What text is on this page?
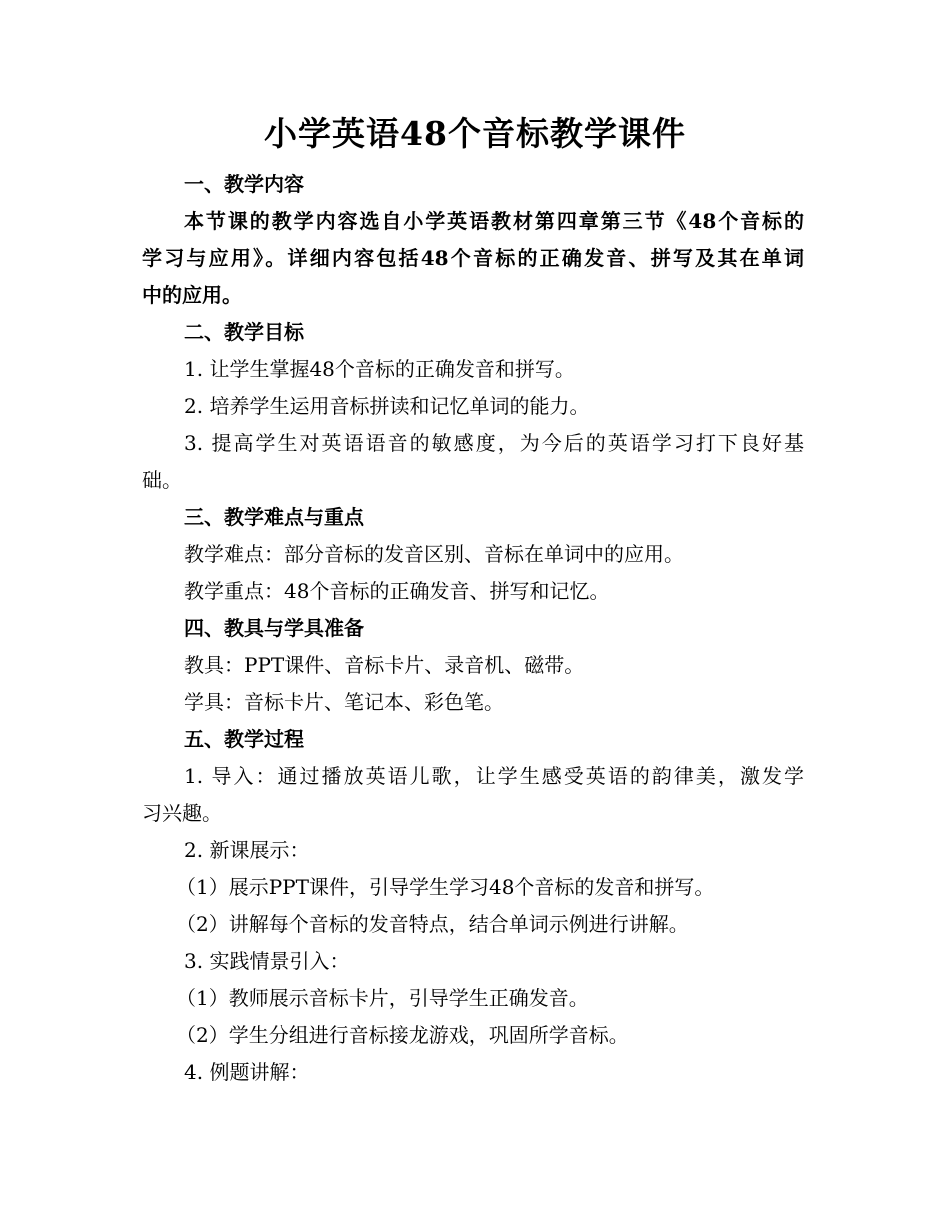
小学英语48个音标教学课件

一、教学内容

本节课的教学内容选自小学英语教材第四章第三节《48个音标的

学习与应用》。详细内容包括48个音标的正确发音、拼写及其在单词

中的应用。

二、教学目标

1. 让学生掌握48个音标的正确发音和拼写。

2. 培养学生运用音标拼读和记忆单词的能力。

3. 提高学生对英语语音的敏感度，为今后的英语学习打下良好基

础。

三、教学难点与重点

教学难点：部分音标的发音区别、音标在单词中的应用。

教学重点：48个音标的正确发音、拼写和记忆。

四、教具与学具准备

教具：PPT课件、音标卡片、录音机、磁带。

学具：音标卡片、笔记本、彩色笔。

五、教学过程

1. 导入：通过播放英语儿歌，让学生感受英语的韵律美，激发学

习兴趣。

2. 新课展示：

（1）展示PPT课件，引导学生学习48个音标的发音和拼写。

（2）讲解每个音标的发音特点，结合单词示例进行讲解。

3. 实践情景引入：

（1）教师展示音标卡片，引导学生正确发音。

（2）学生分组进行音标接龙游戏，巩固所学音标。

4. 例题讲解：
